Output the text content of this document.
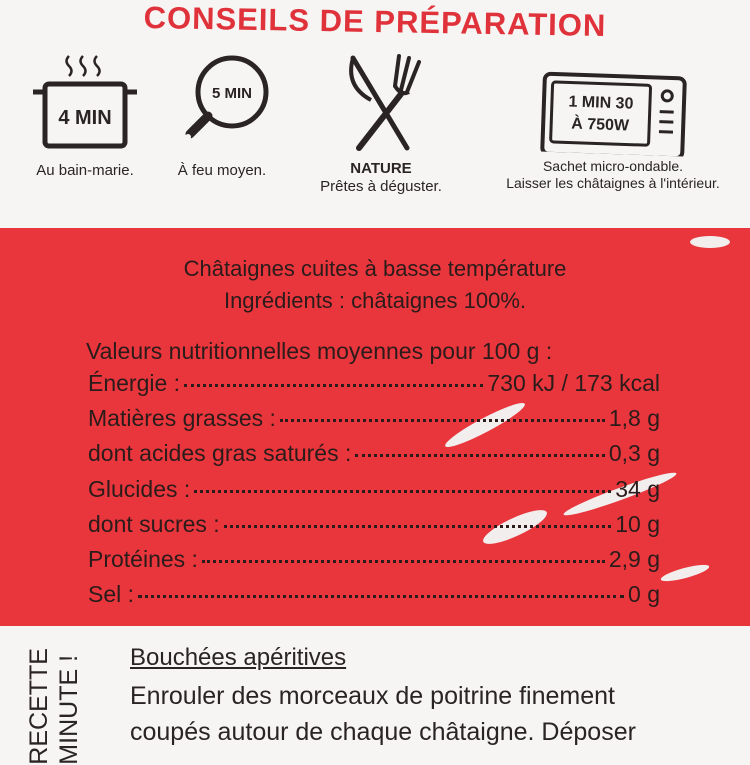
CONSEILS DE PRÉPARATION
4 MIN
Au bain-marie.
5 MIN
À feu moyen.	NATURE
Prêtes à déguster.
1 MIN 30
À 750W
Sachet micro-ondable.
Laisser les châtaignes à l'intérieur.
Châtaignes cuites à basse température
Ingrédients : châtaignes 100%.
Valeurs nutritionnelles moyennes pour 100 g :
Énergie :	730 kJ / 173 kcal
Matières grasses :	1,8 g
dont acides gras saturés :	0,3 g
Glucides :	34 g
dont sucres :	10 g
Protéines :	2,9 g
Sel :	0 g
RECETTE
MINUTE ! Bouchées apéritives
Enrouler des morceaux de poitrine finement
coupés autour de chaque châtaigne. Déposer
